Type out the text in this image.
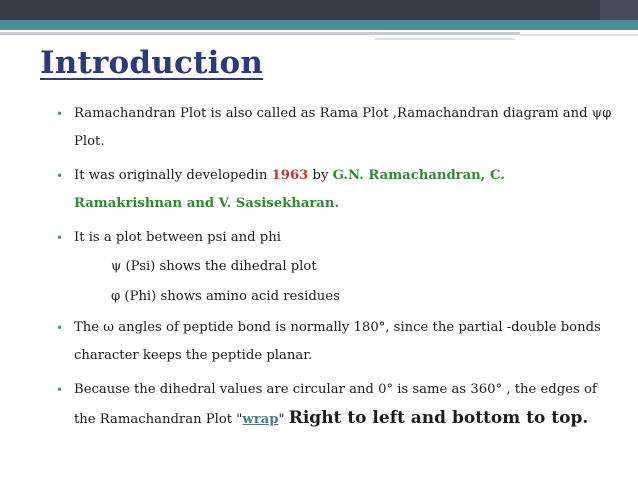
Introduction
• Ramachandran Plot is also called as Rama Plot ,Ramachandran diagram and ψφ Plot.
• It was originally developedin 1963 by G.N. Ramachandran, C. Ramakrishnan and V. Sasisekharan.
• It is a plot between psi and phi
ψ (Psi) shows the dihedral plot
φ (Phi) shows amino acid residues
• The ω angles of peptide bond is normally 180°, since the partial -double bonds character keeps the peptide planar.
• Because the dihedral values are circular and 0° is same as 360° , the edges of the Ramachandran Plot "wrap" Right to left and bottom to top.
